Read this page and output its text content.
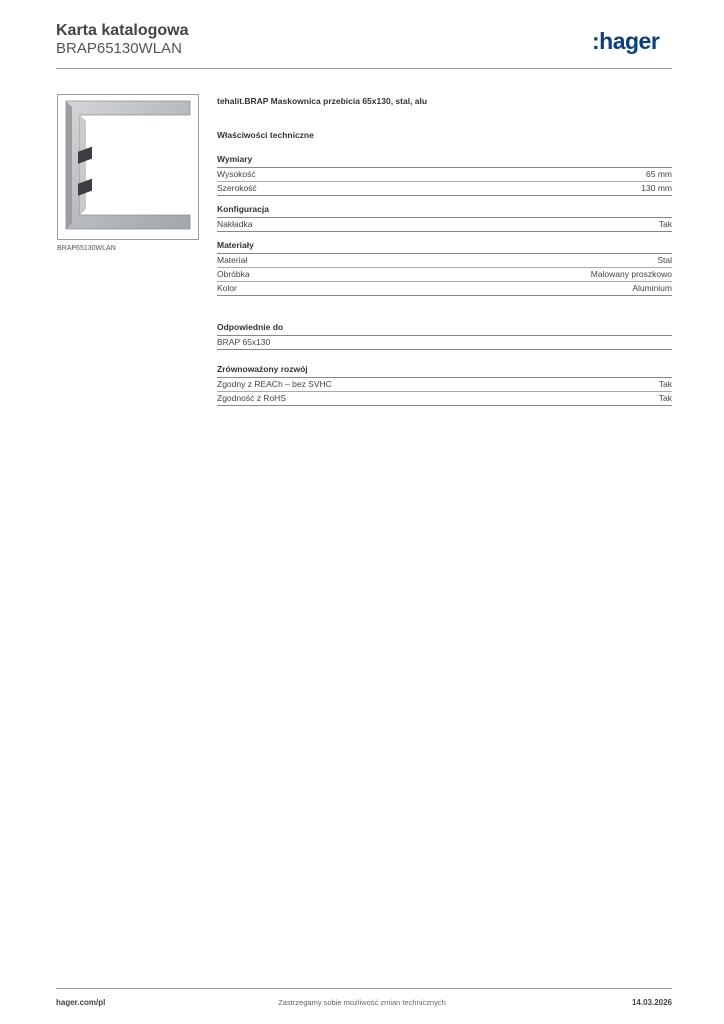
Karta katalogowa
BRAP65130WLAN	:hager
BRAP65130WLAN
tehalit.BRAP Maskownica przebicia 65x130, stal, alu
Właściwości techniczne
Wymiary
Wysokość	65 mm
Szerokość	130 mm
Konfiguracja
Nakładka	Tak
Materiały
Materiał	Stal
Obróbka	Malowany proszkowo
Kolor	Aluminium
Odpowiednie do
BRAP 65x130
Zrównoważony rozwój
Zgodny z REACh – bez SVHC	Tak
Zgodność z RoHS	Tak
hager.com/pl	Zastrzegamy sobie możliwość zmian technicznych	14.03.2026
